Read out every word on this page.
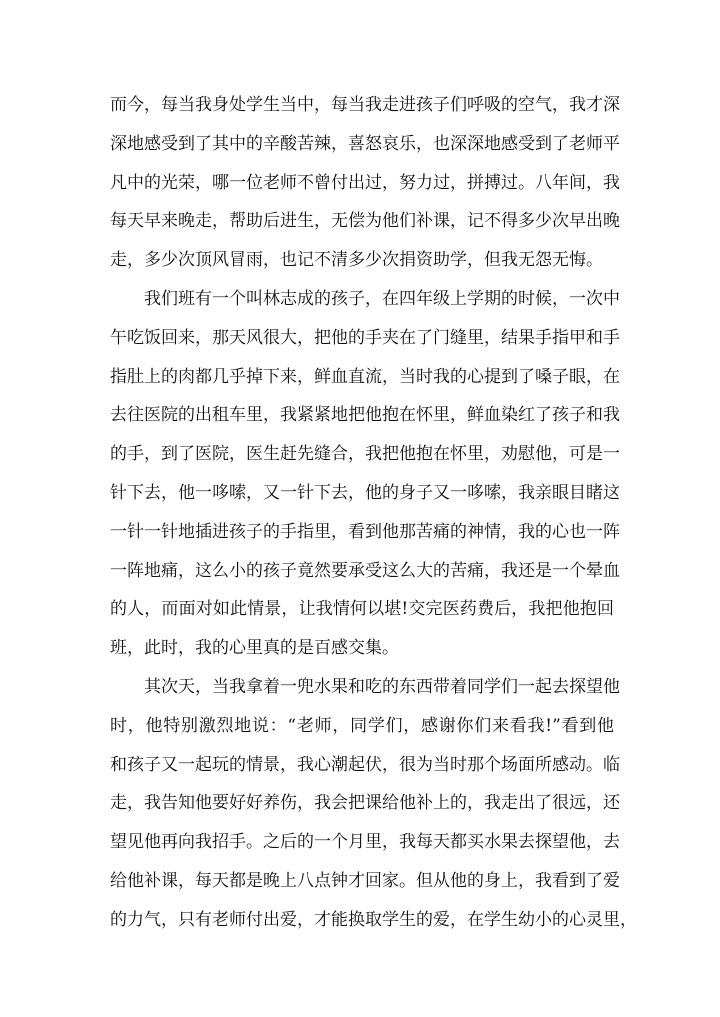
而今，每当我身处学生当中，每当我走进孩子们呼吸的空气，我才深
深地感受到了其中的辛酸苦辣，喜怒哀乐，也深深地感受到了老师平
凡中的光荣，哪一位老师不曾付出过，努力过，拼搏过。八年间，我
每天早来晚走，帮助后进生，无偿为他们补课，记不得多少次早出晚
走，多少次顶风冒雨，也记不清多少次捐资助学，但我无怨无悔。
　　我们班有一个叫林志成的孩子，在四年级上学期的时候，一次中
午吃饭回来，那天风很大，把他的手夹在了门缝里，结果手指甲和手
指肚上的肉都几乎掉下来，鲜血直流，当时我的心提到了嗓子眼，在
去往医院的出租车里，我紧紧地把他抱在怀里，鲜血染红了孩子和我
的手，到了医院，医生赶先缝合，我把他抱在怀里，劝慰他，可是一
针下去，他一哆嗦，又一针下去，他的身子又一哆嗦，我亲眼目睹这
一针一针地插进孩子的手指里，看到他那苦痛的神情，我的心也一阵
一阵地痛，这么小的孩子竟然要承受这么大的苦痛，我还是一个晕血
的人，而面对如此情景，让我情何以堪!交完医药费后，我把他抱回
班，此时，我的心里真的是百感交集。
　　其次天，当我拿着一兜水果和吃的东西带着同学们一起去探望他
时，他特别激烈地说：“老师，同学们，感谢你们来看我!”看到他
和孩子又一起玩的情景，我心潮起伏，很为当时那个场面所感动。临
走，我告知他要好好养伤，我会把课给他补上的，我走出了很远，还
望见他再向我招手。之后的一个月里，我每天都买水果去探望他，去
给他补课，每天都是晚上八点钟才回家。但从他的身上，我看到了爱
的力气，只有老师付出爱，才能换取学生的爱，在学生幼小的心灵里，
